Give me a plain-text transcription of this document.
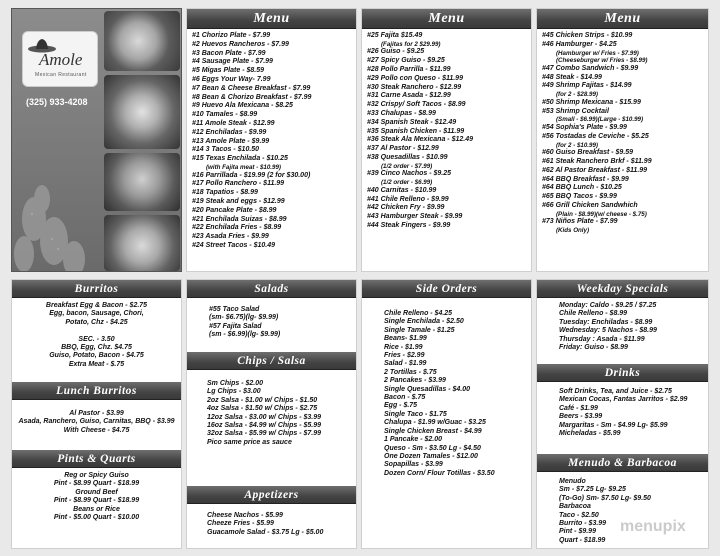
Amole
Mexican Restaurant
(325) 933-4208
Menu
#1 Chorizo Plate - $7.99
#2 Huevos Rancheros - $7.99
#3 Bacon Plate - $7.99
#4 Sausage Plate - $7.99
#5 Migas Plate - $8.59
#6 Eggs Your Way- 7.99
#7 Bean & Cheese Breakfast - $7.99
#8 Bean & Chorizo Breakfast - $7.99
#9 Huevo Ala Mexicana - $8.25
#10 Tamales - $8.99
#11 Amole Steak - $12.99
#12 Enchiladas - $9.99
#13 Amole Plate - $9.99
#14 3 Tacos - $10.50
#15 Texas Enchilada - $10.25
(with Fajita meat - $10.99)
#16 Parrillada - $19.99 (2 for $30.00)
#17 Pollo Ranchero - $11.99
#18 Tapatios - $8.99
#19 Steak and eggs - $12.99
#20 Pancake Plate - $8.99
#21 Enchilada Suizas - $8.99
#22 Enchilada Fries - $8.99
#23 Asada Fries - $9.99
#24 Street Tacos - $10.49
Menu
#25 Fajita $15.49
(Fajitas for 2 $29.99)
#26 Guiso - $9.25
#27 Spicy Guiso - $9.25
#28 Pollo Parrilla - $11.99
#29 Pollo con Queso - $11.99
#30 Steak Ranchero - $12.99
#31 Carne Asada - $12.99
#32 Crispy/ Soft Tacos - $8.99
#33 Chalupas - $8.99
#34 Spanish Steak - $12.49
#35 Spanish Chicken - $11.99
#36 Steak Ala Mexicana - $12.49
#37 Al Pastor - $12.99
#38 Quesadillas - $10.99
(1/2 order - $7.99)
#39 Cinco Nachos - $9.25
(1/2 order - $6.99)
#40 Carnitas - $10.99
#41 Chile Relleno - $9.99
#42 Chicken Fry - $9.99
#43 Hamburger Steak - $9.99
#44 Steak Fingers - $9.99
Menu
#45 Chicken Strips - $10.99
#46 Hamburger - $4.25
(Hamburger w/ Fries - $7.99)
(Cheeseburger w/ Fries - $8.99)
#47 Combo Sandwich - $9.99
#48 Steak - $14.99
#49 Shrimp Fajitas - $14.99
(for 2 - $28.99)
#50 Shrimp Mexicana - $15.99
#53 Shrimp Cocktail
(Small - $6.99)(Large - $10.99)
#54 Sophia's Plate - $9.99
#56 Tostadas de Ceviche - $5.25
(for 2 - $10.99)
#60 Guiso Breakfast - $9.59
#61 Steak Ranchero Brkf - $11.99
#62 Al Pastor Breakfast - $11.99
#64 BBQ Breakfast - $9.99
#64 BBQ Lunch - $10.25
#65 BBQ Tacos - $9.99
#66 Grill Chicken Sandwhich
(Plain - $8.99)(w/ cheese - $.75)
#73 Niños Plate - $7.99
(Kids Only)
Burritos
Breakfast Egg & Bacon - $2.75
Egg, bacon, Sausage, Chori,
Potato, Chz - $4.25

SEC. - 3.50
BBQ, Egg, Chz. $4.75
Guiso, Potato, Bacon - $4.75
Extra Meat - $.75
Lunch Burritos
Al Pastor - $3.99
Asada, Ranchero, Guiso, Carnitas, BBQ - $3.99
With Cheese - $4.75
Pints & Quarts
Reg or Spicy Guiso
Pint - $8.99 Quart - $18.99
Ground Beef
Pint - $8.99 Quart - $18.99
Beans or Rice
Pint - $5.00 Quart - $10.00
Salads
#55 Taco Salad
(sm- $6.75)(lg- $9.99)
#57 Fajita Salad
(sm - $6.99)(lg- $9.99)
Chips / Salsa
Sm Chips - $2.00
Lg Chips - $3.00
2oz Salsa - $1.00 w/ Chips - $1.50
4oz Salsa - $1.50 w/ Chips - $2.75
12oz Salsa - $3.00 w/ Chips - $3.99
16oz Salsa - $4.99 w/ Chips - $5.99
32oz Salsa - $5.99 w/ Chips - $7.99
Pico same price as sauce
Appetizers
Cheese Nachos - $5.99
Cheeze Fries - $5.99
Guacamole Salad - $3.75 Lg - $5.00
Side Orders
Chile Relleno - $4.25
Single Enchilada - $2.50
Single Tamale - $1.25
Beans- $1.99
Rice - $1.99
Fries - $2.99
Salad - $1.99
2 Tortillas - $.75
2 Pancakes - $3.99
Single Quesadillas - $4.00
Bacon - $.75
Egg - $.75
Single Taco - $1.75
Chalupa - $1.99 w/Guac - $3.25
Single Chicken Breast - $4.99
1 Pancake - $2.00
Queso - Sm - $3.50 Lg - $4.50
One Dozen Tamales - $12.00
Sopapillas - $3.99
Dozen Corn/ Flour Totillas - $3.50
Weekday Specials
Monday: Caldo - $9.25 / $7.25
Chile Relleno - $8.99
Tuesday: Enchiladas - $8.99
Wednesday: 5 Nachos - $8.99
Thursday : Asada - $11.99
Friday: Guiso - $8.99
Drinks
Soft Drinks, Tea, and Juice - $2.75
Mexican Cocas, Fantas Jarritos - $2.99
Café - $1.99
Beers - $3.99
Margaritas - Sm - $4.99 Lg- $5.99
Micheladas - $5.99
Menudo & Barbacoa
Menudo
Sm - $7.25 Lg- $9.25
(To-Go) Sm- $7.50 Lg- $9.50
Barbacoa
Taco - $2.50
Burrito - $3.99
Pint - $9.99
Quart - $18.99
menupix
